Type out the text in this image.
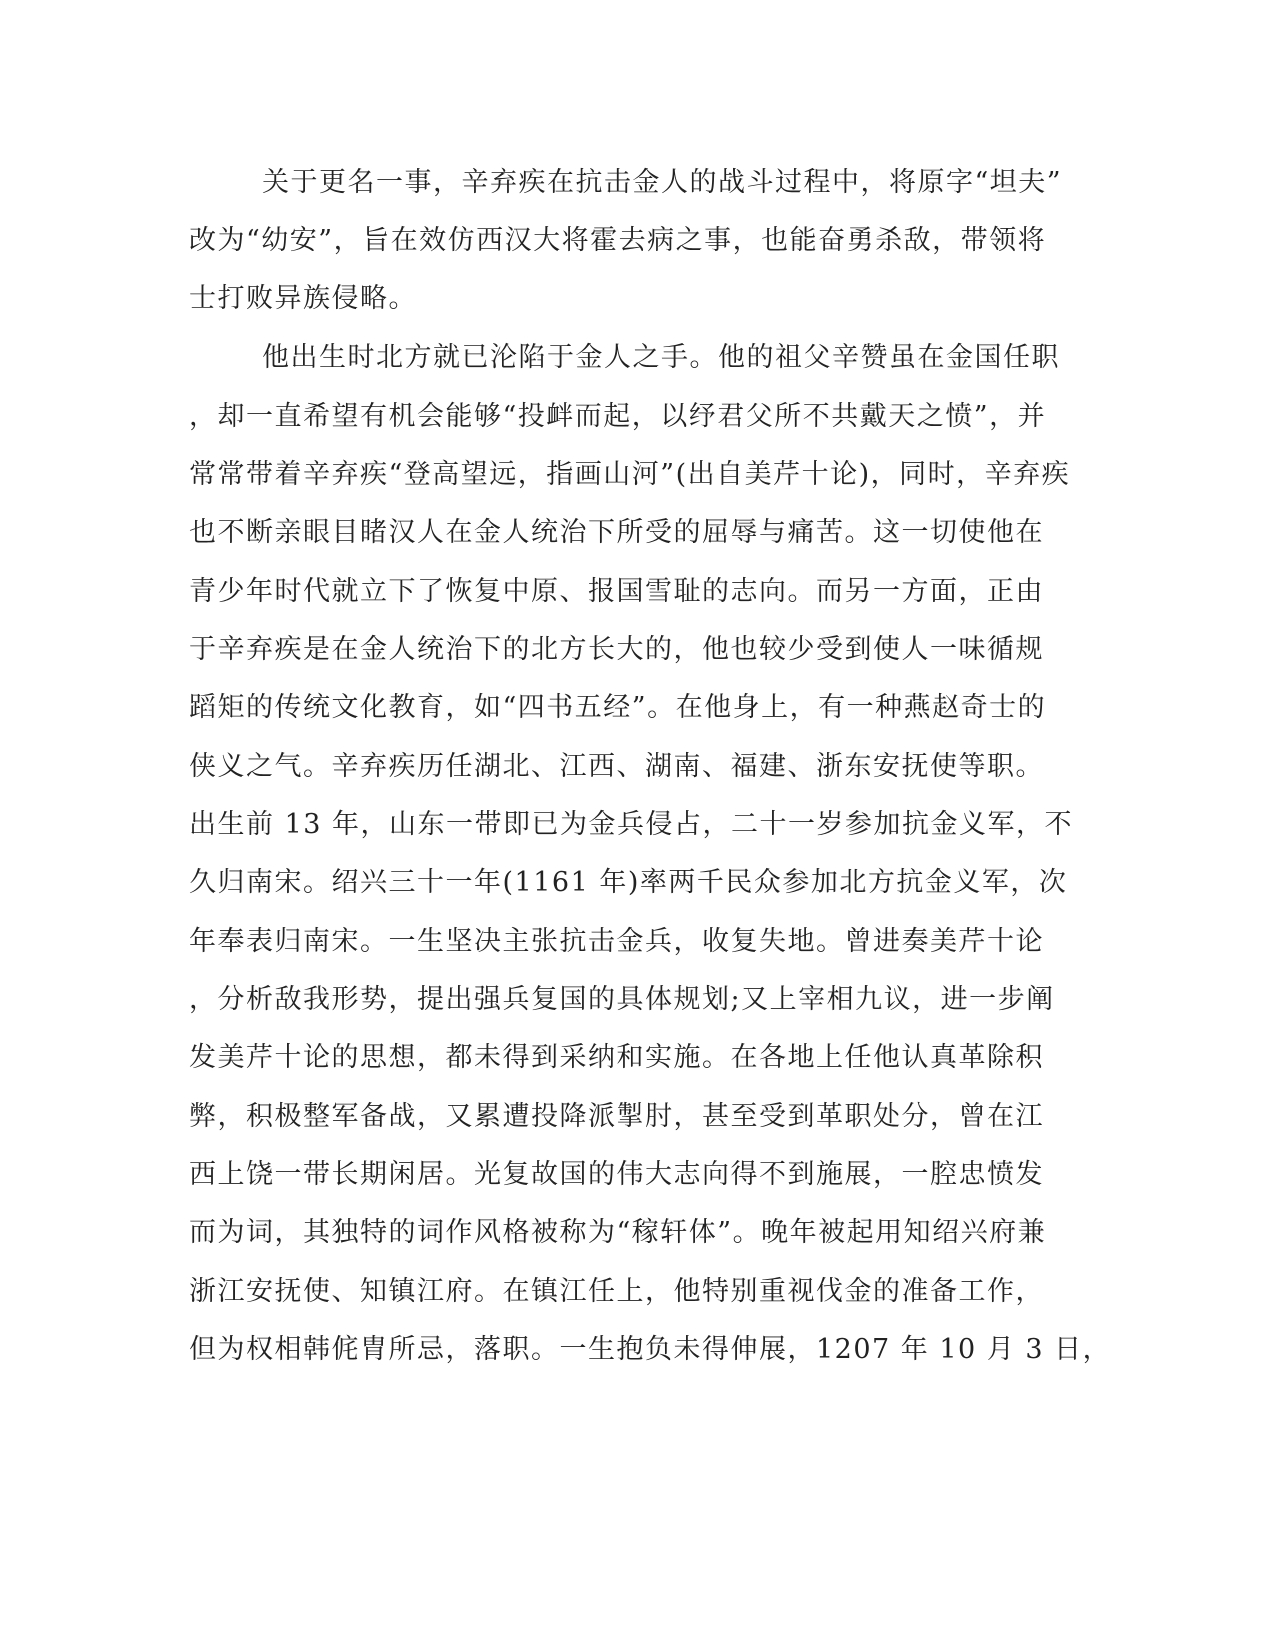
关于更名一事，辛弃疾在抗击金人的战斗过程中，将原字“坦夫”
改为“幼安”，旨在效仿西汉大将霍去病之事，也能奋勇杀敌，带领将
士打败异族侵略。
他出生时北方就已沦陷于金人之手。他的祖父辛赞虽在金国任职
，却一直希望有机会能够“投衅而起，以纾君父所不共戴天之愤”，并
常常带着辛弃疾“登高望远，指画山河”(出自美芹十论)，同时，辛弃疾
也不断亲眼目睹汉人在金人统治下所受的屈辱与痛苦。这一切使他在
青少年时代就立下了恢复中原、报国雪耻的志向。而另一方面，正由
于辛弃疾是在金人统治下的北方长大的，他也较少受到使人一味循规
蹈矩的传统文化教育，如“四书五经”。在他身上，有一种燕赵奇士的
侠义之气。辛弃疾历任湖北、江西、湖南、福建、浙东安抚使等职。
出生前 13 年，山东一带即已为金兵侵占，二十一岁参加抗金义军，不
久归南宋。绍兴三十一年(1161 年)率两千民众参加北方抗金义军，次
年奉表归南宋。一生坚决主张抗击金兵，收复失地。曾进奏美芹十论
，分析敌我形势，提出强兵复国的具体规划;又上宰相九议，进一步阐
发美芹十论的思想，都未得到采纳和实施。在各地上任他认真革除积
弊，积极整军备战，又累遭投降派掣肘，甚至受到革职处分，曾在江
西上饶一带长期闲居。光复故国的伟大志向得不到施展，一腔忠愤发
而为词，其独特的词作风格被称为“稼轩体”。晚年被起用知绍兴府兼
浙江安抚使、知镇江府。在镇江任上，他特别重视伐金的准备工作，
但为权相韩侂胄所忌，落职。一生抱负未得伸展，1207 年 10 月 3 日，
